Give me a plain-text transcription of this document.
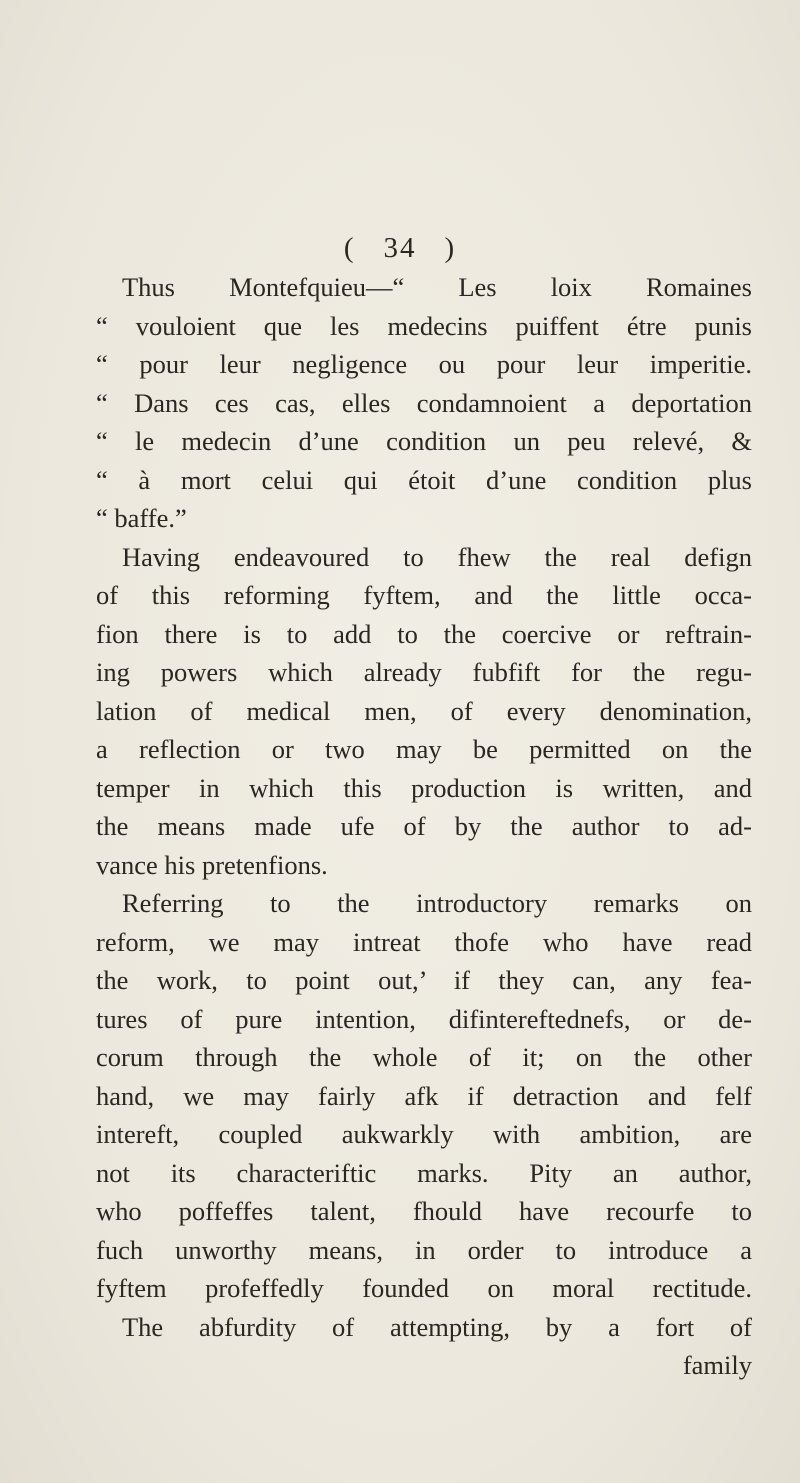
( 34 )
Thus Montefquieu—“ Les loix Romaines
“ vouloient que les medecins puiffent étre punis
“ pour leur negligence ou pour leur imperitie.
“ Dans ces cas, elles condamnoient a deportation
“ le medecin d’une condition un peu relevé, &
“ à mort celui qui étoit d’une condition plus
“ baffe.”
Having endeavoured to fhew the real defign
of this reforming fyftem, and the little occa-
fion there is to add to the coercive or reftrain-
ing powers which already fubfift for the regu-
lation of medical men, of every denomination,
a reflection or two may be permitted on the
temper in which this production is written, and
the means made ufe of by the author to ad-
vance his pretenfions.
Referring to the introductory remarks on
reform, we may intreat thofe who have read
the work, to point out,’ if they can, any fea-
tures of pure intention, difintereftednefs, or de-
corum through the whole of it; on the other
hand, we may fairly afk if detraction and felf
intereft, coupled aukwarkly with ambition, are
not its characteriftic marks. Pity an author,
who poffeffes talent, fhould have recourfe to
fuch unworthy means, in order to introduce a
fyftem profeffedly founded on moral rectitude.
The abfurdity of attempting, by a fort of
family
